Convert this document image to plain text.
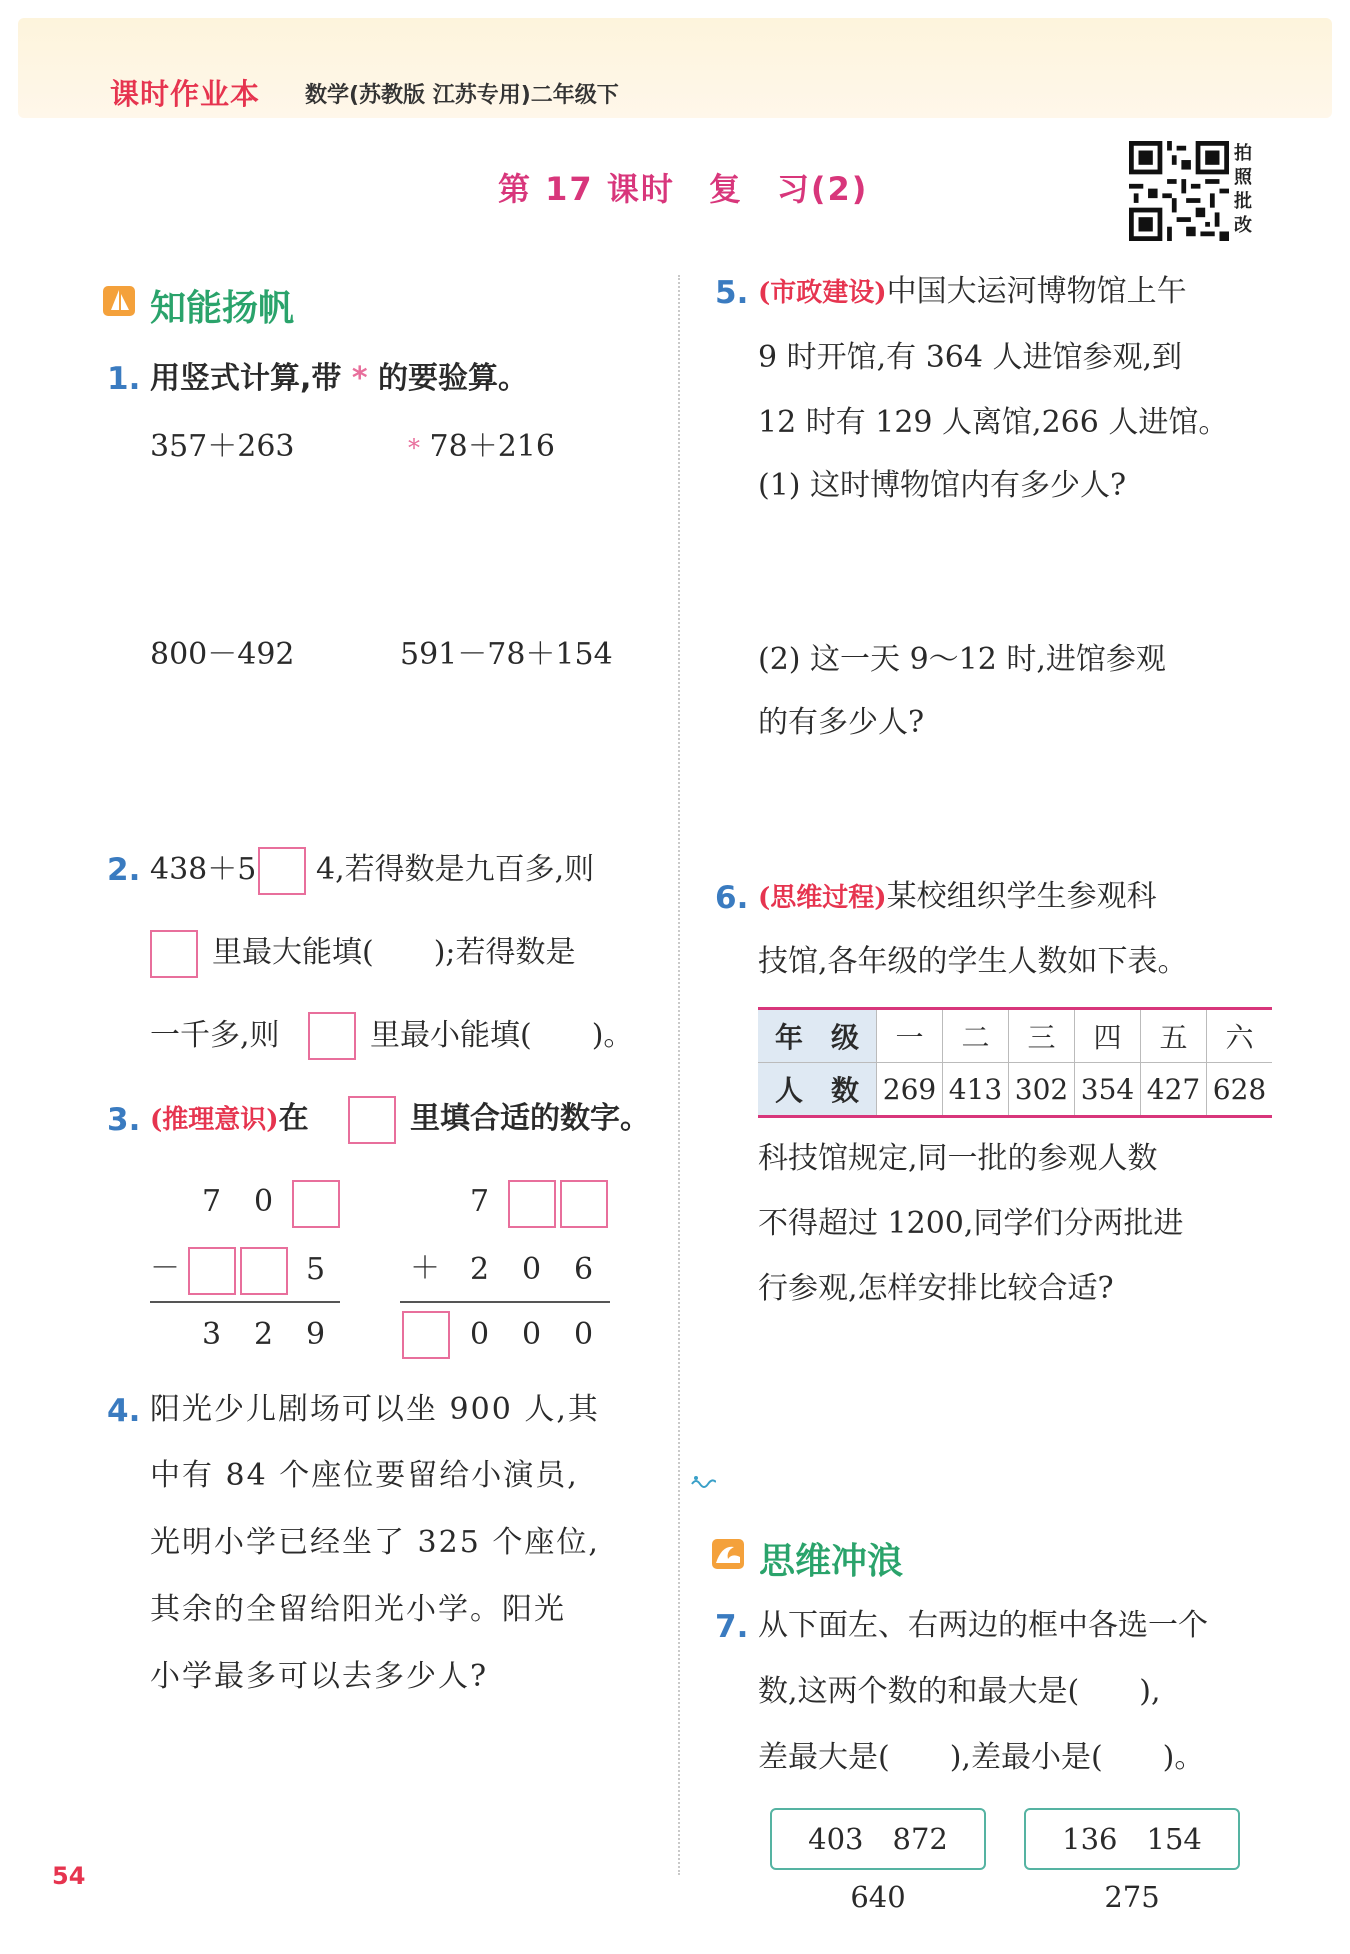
课时作业本 数学(苏教版 江苏专用)二年级下
第 17 课时　复　习(2)
拍
照
批
改
知能扬帆
1. 用竖式计算,带 * 的要验算。
357＋263	* 78＋216
800－492	591－78＋154
2. 438＋5 4,若得数是九百多,则
里最大能填(　　);若得数是
一千多,则	里最小能填(　　)。
3. (推理意识)在	里填合适的数字。
7 0
－	5
3 2 9
7
＋ 2 0 6
0 0 0
4. 阳光少儿剧场可以坐 900 人,其
中有 84 个座位要留给小演员,
光明小学已经坐了 325 个座位,
其余的全留给阳光小学。阳光
小学最多可以去多少人?
5. (市政建设)中国大运河博物馆上午
9 时开馆,有 364 人进馆参观,到
12 时有 129 人离馆,266 人进馆。
(1) 这时博物馆内有多少人?
(2) 这一天 9～12 时,进馆参观
的有多少人?
6. (思维过程)某校组织学生参观科
技馆,各年级的学生人数如下表。
年　级	一	二	三	四	五	六
人　数	269	413	302	354	427	628
科技馆规定,同一批的参观人数
不得超过 1200,同学们分两批进
行参观,怎样安排比较合适?
思维冲浪
7. 从下面左、右两边的框中各选一个
数,这两个数的和最大是(　　),
差最大是(　　),差最小是(　　)。
403　872　640
136　154　275
54
